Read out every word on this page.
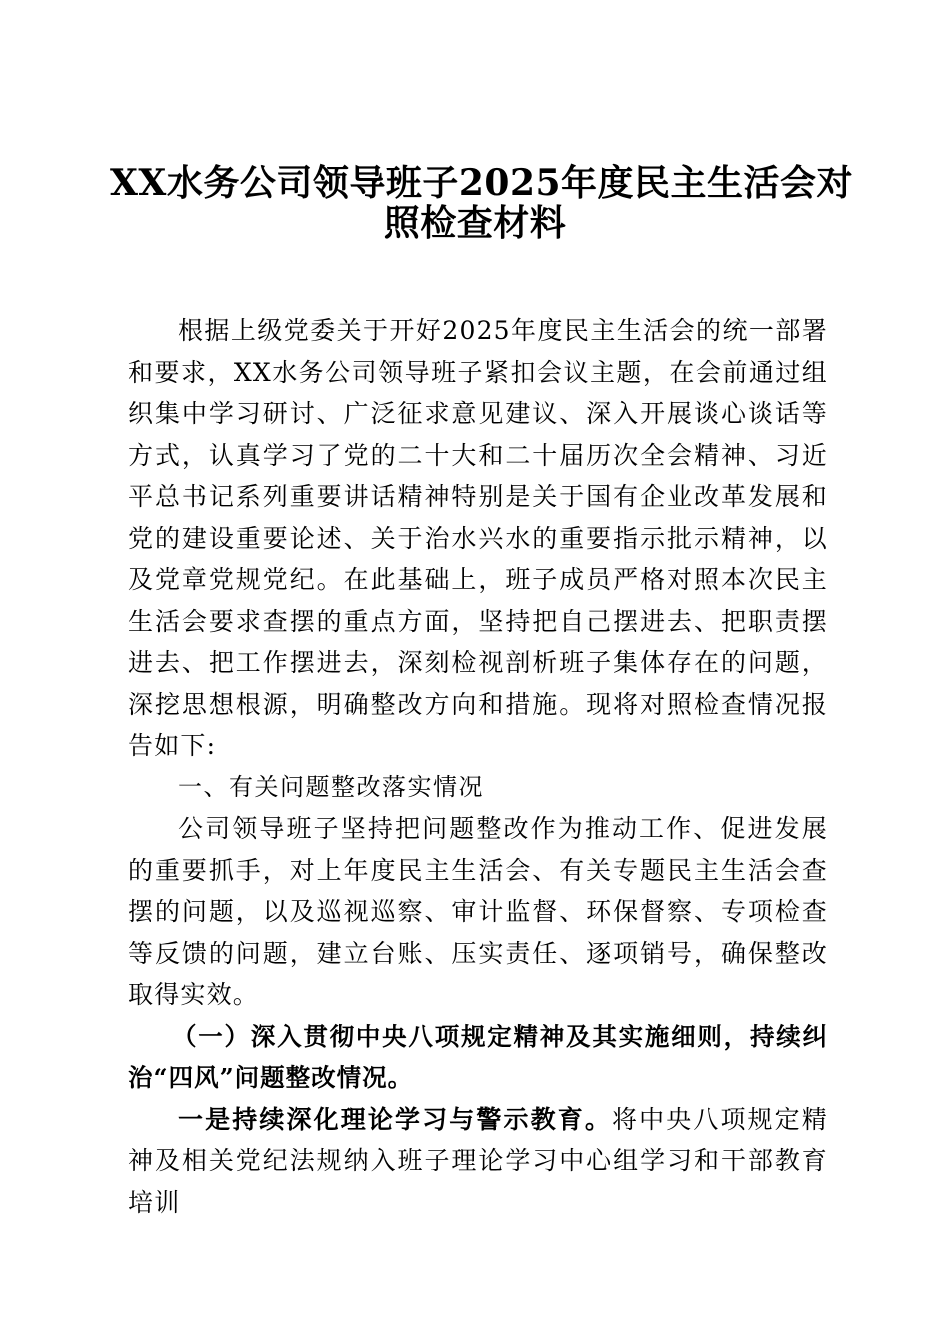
XX水务公司领导班子2025年度民主生活会对
照检查材料

根据上级党委关于开好2025年度民主生活会的统一部署和要求，XX水务公司领导班子紧扣会议主题，在会前通过组织集中学习研讨、广泛征求意见建议、深入开展谈心谈话等方式，认真学习了党的二十大和二十届历次全会精神、习近平总书记系列重要讲话精神特别是关于国有企业改革发展和党的建设重要论述、关于治水兴水的重要指示批示精神，以及党章党规党纪。在此基础上，班子成员严格对照本次民主生活会要求查摆的重点方面，坚持把自己摆进去、把职责摆进去、把工作摆进去，深刻检视剖析班子集体存在的问题，深挖思想根源，明确整改方向和措施。现将对照检查情况报告如下:

一、有关问题整改落实情况

公司领导班子坚持把问题整改作为推动工作、促进发展的重要抓手，对上年度民主生活会、有关专题民主生活会查摆的问题，以及巡视巡察、审计监督、环保督察、专项检查等反馈的问题，建立台账、压实责任、逐项销号，确保整改取得实效。

（一）深入贯彻中央八项规定精神及其实施细则，持续纠治“四风”问题整改情况。

一是持续深化理论学习与警示教育。将中央八项规定精神及相关党纪法规纳入班子理论学习中心组学习和干部教育培训
